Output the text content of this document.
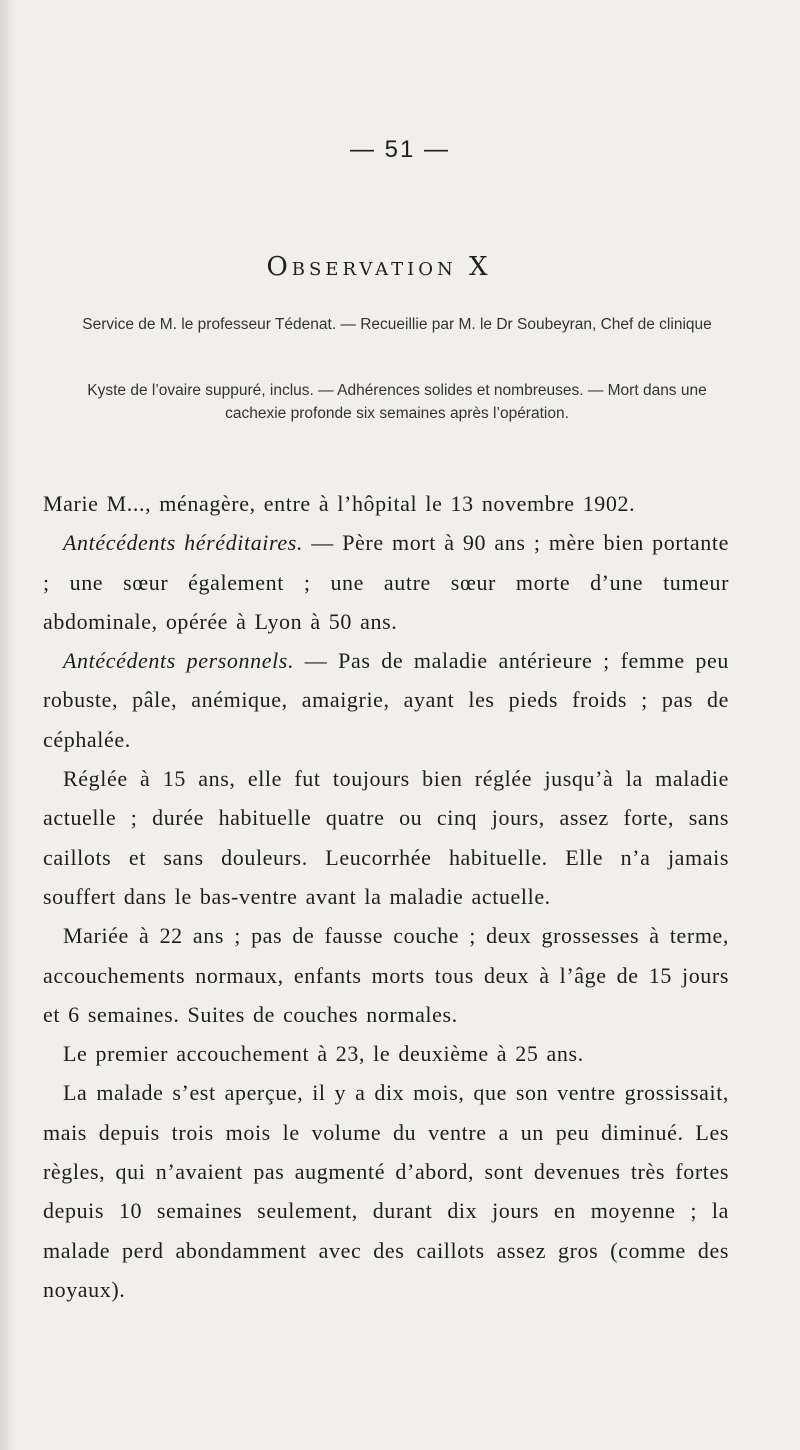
— 51 —
Observation X
Service de M. le professeur Tédenat. — Recueillie par M. le Dr Soubeyran, Chef de clinique
Kyste de l’ovaire suppuré, inclus. — Adhérences solides et nombreuses. — Mort dans une cachexie profonde six semaines après l’opération.

Marie M..., ménagère, entre à l’hôpital le 13 novembre 1902.

Antécédents héréditaires. — Père mort à 90 ans ; mère bien portante ; une sœur également ; une autre sœur morte d’une tumeur abdominale, opérée à Lyon à 50 ans.

Antécédents personnels. — Pas de maladie antérieure ; femme peu robuste, pâle, anémique, amaigrie, ayant les pieds froids ; pas de céphalée.

Réglée à 15 ans, elle fut toujours bien réglée jusqu’à la maladie actuelle ; durée habituelle quatre ou cinq jours, assez forte, sans caillots et sans douleurs. Leucorrhée habituelle. Elle n’a jamais souffert dans le bas-ventre avant la maladie actuelle.

Mariée à 22 ans ; pas de fausse couche ; deux grossesses à terme, accouchements normaux, enfants morts tous deux à l’âge de 15 jours et 6 semaines. Suites de couches normales.

Le premier accouchement à 23, le deuxième à 25 ans.

La malade s’est aperçue, il y a dix mois, que son ventre grossissait, mais depuis trois mois le volume du ventre a un peu diminué. Les règles, qui n’avaient pas augmenté d’abord, sont devenues très fortes depuis 10 semaines seulement, durant dix jours en moyenne ; la malade perd abondamment avec des caillots assez gros (comme des noyaux).
